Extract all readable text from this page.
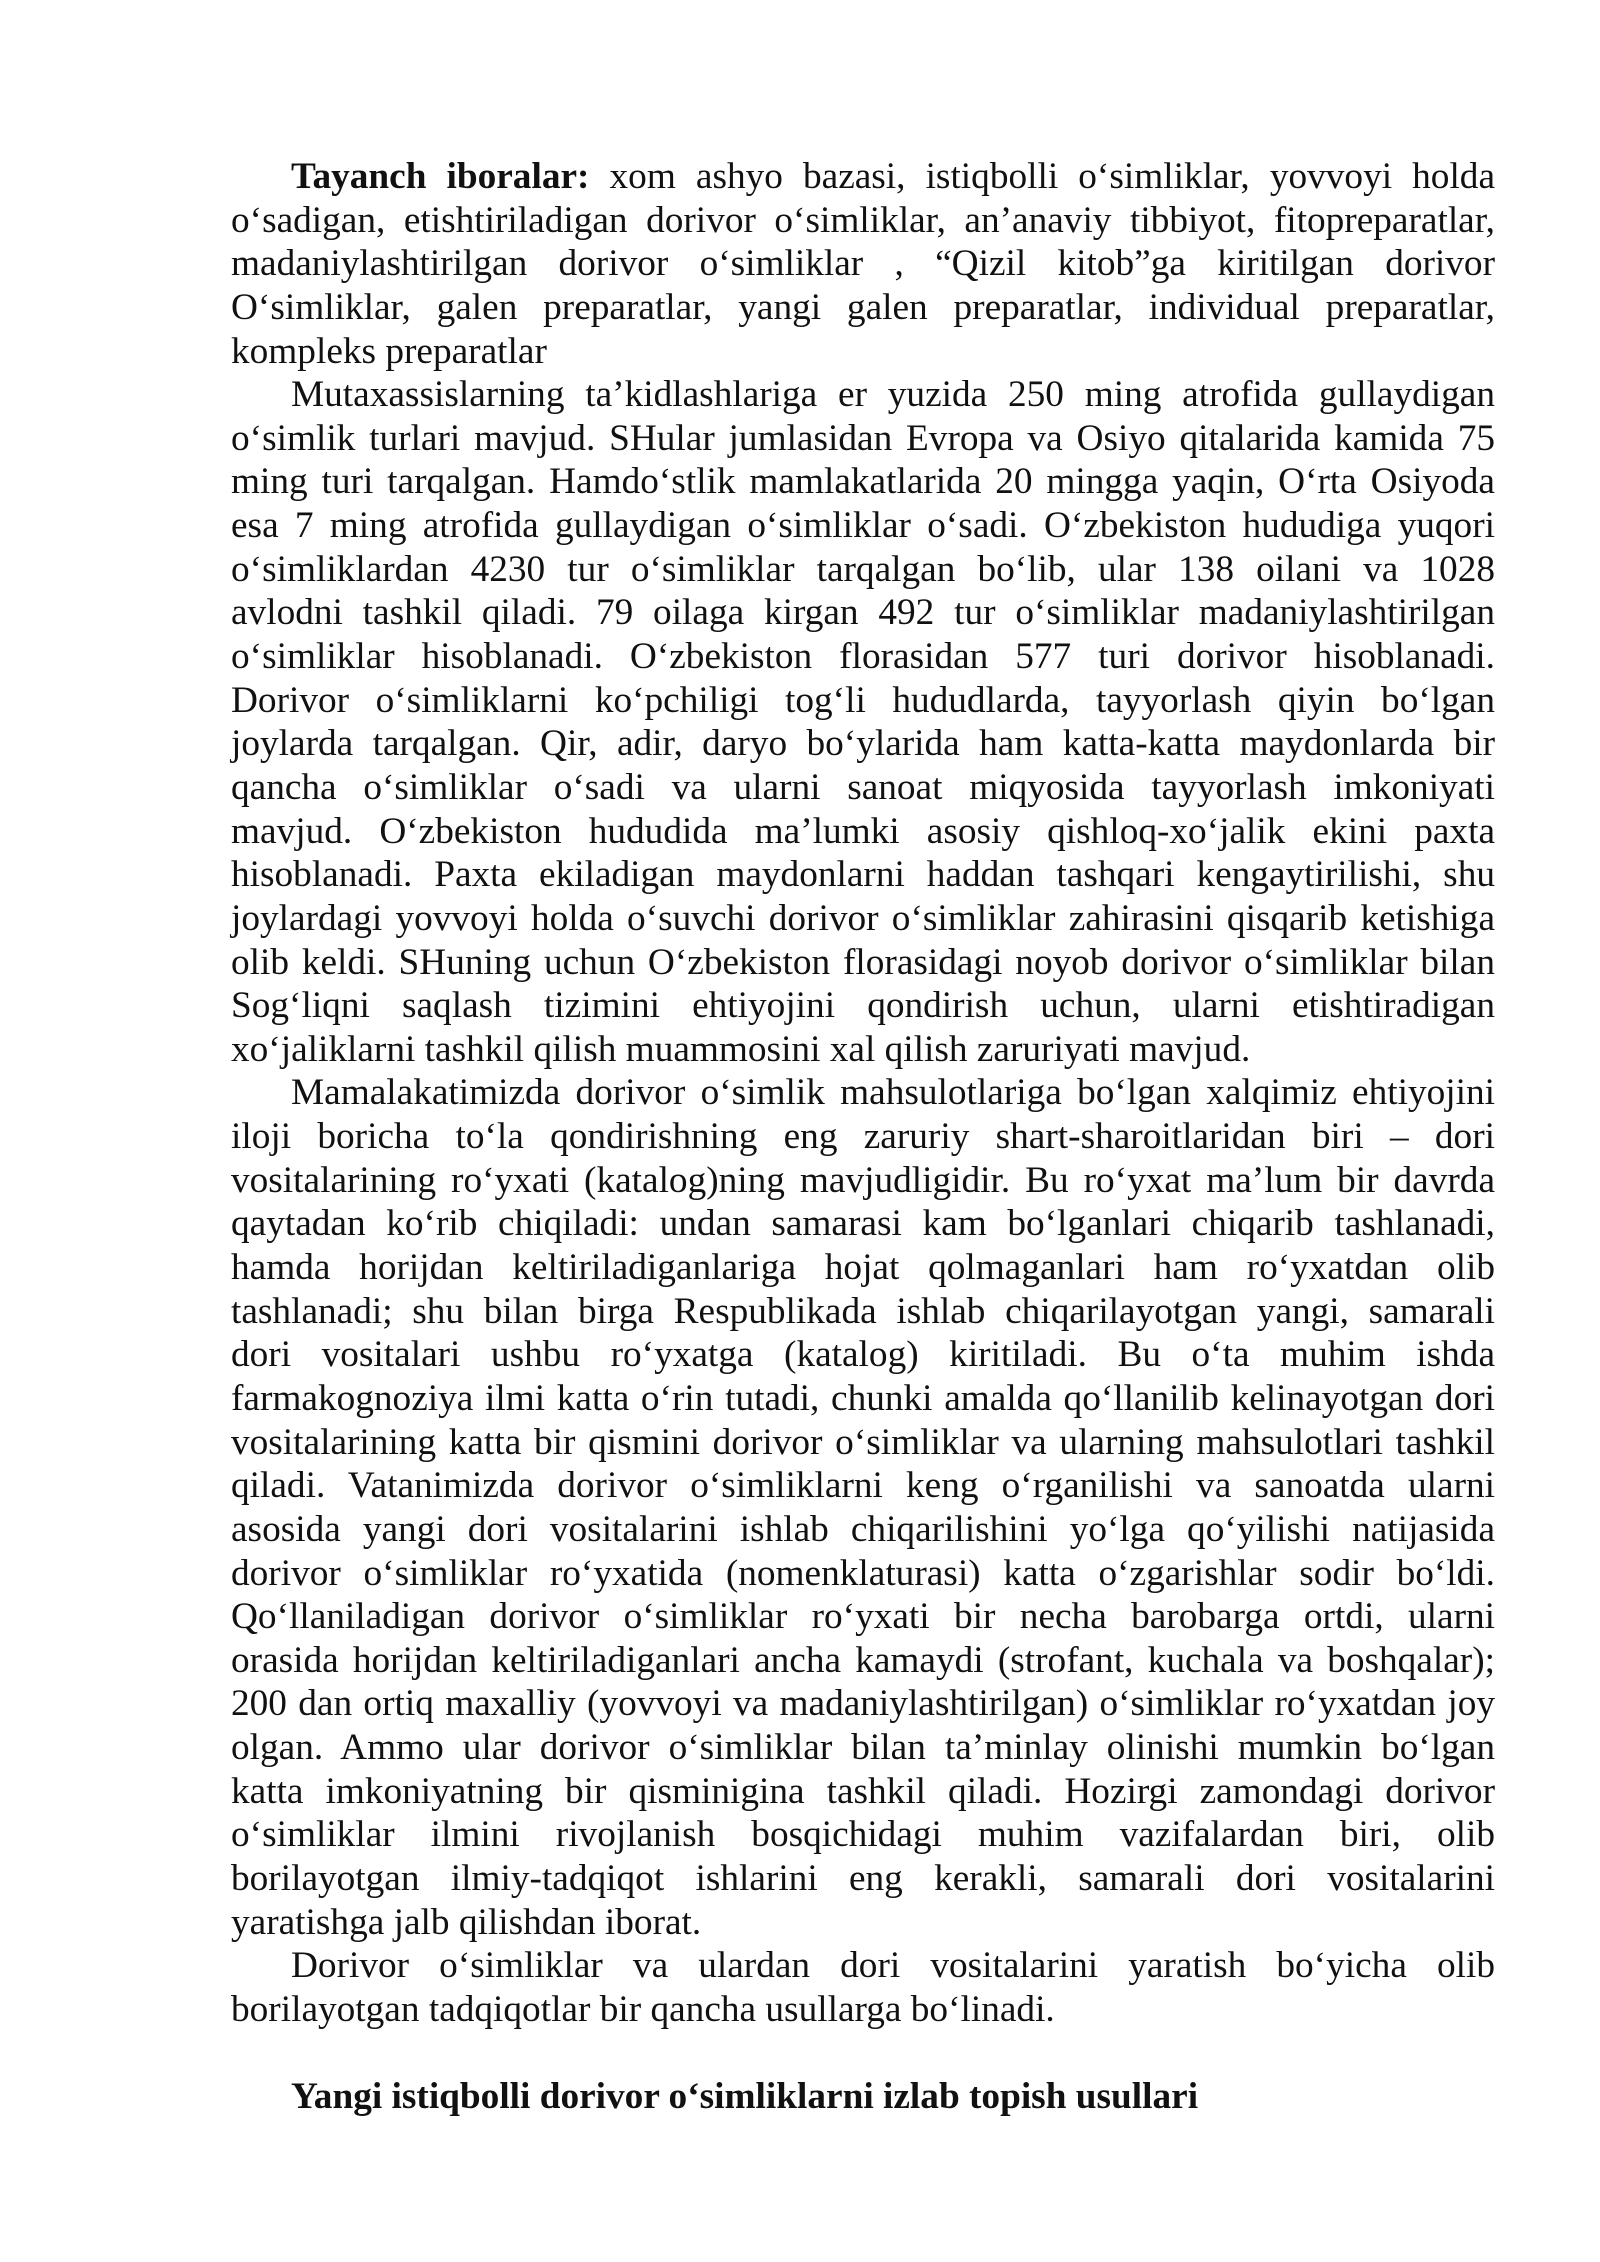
Tayanch iboralar: xom ashyo bazasi, istiqbolli o‘simliklar, yovvoyi holda
o‘sadigan, etishtiriladigan dorivor o‘simliklar, an’anaviy tibbiyot, fitopreparatlar,
madaniylashtirilgan dorivor o‘simliklar , “Qizil kitob”ga kiritilgan dorivor
O‘simliklar, galen preparatlar, yangi galen preparatlar, individual preparatlar,
kompleks preparatlar
Mutaxassislarning ta’kidlashlariga er yuzida 250 ming atrofida gullaydigan
o‘simlik turlari mavjud. SHular jumlasidan Evropa va Osiyo qitalarida kamida 75
ming turi tarqalgan. Hamdo‘stlik mamlakatlarida 20 mingga yaqin, O‘rta Osiyoda
esa 7 ming atrofida gullaydigan o‘simliklar o‘sadi. O‘zbekiston hududiga yuqori
o‘simliklardan 4230 tur o‘simliklar tarqalgan bo‘lib, ular 138 oilani va 1028
avlodni tashkil qiladi. 79 oilaga kirgan 492 tur o‘simliklar madaniylashtirilgan
o‘simliklar hisoblanadi. O‘zbekiston florasidan 577 turi dorivor hisoblanadi.
Dorivor o‘simliklarni ko‘pchiligi tog‘li hududlarda, tayyorlash qiyin bo‘lgan
joylarda tarqalgan. Qir, adir, daryo bo‘ylarida ham katta-katta maydonlarda bir
qancha o‘simliklar o‘sadi va ularni sanoat miqyosida tayyorlash imkoniyati
mavjud. O‘zbekiston hududida ma’lumki asosiy qishloq-xo‘jalik ekini paxta
hisoblanadi. Paxta ekiladigan maydonlarni haddan tashqari kengaytirilishi, shu
joylardagi yovvoyi holda o‘suvchi dorivor o‘simliklar zahirasini qisqarib ketishiga
olib keldi. SHuning uchun O‘zbekiston florasidagi noyob dorivor o‘simliklar bilan
Sog‘liqni saqlash tizimini ehtiyojini qondirish uchun, ularni etishtiradigan
xo‘jaliklarni tashkil qilish muammosini xal qilish zaruriyati mavjud.
Mamalakatimizda dorivor o‘simlik mahsulotlariga bo‘lgan xalqimiz ehtiyojini
iloji boricha to‘la qondirishning eng zaruriy shart-sharoitlaridan biri – dori
vositalarining ro‘yxati (katalog)ning mavjudligidir. Bu ro‘yxat ma’lum bir davrda
qaytadan ko‘rib chiqiladi: undan samarasi kam bo‘lganlari chiqarib tashlanadi,
hamda horijdan keltiriladiganlariga hojat qolmaganlari ham ro‘yxatdan olib
tashlanadi; shu bilan birga Respublikada ishlab chiqarilayotgan yangi, samarali
dori vositalari ushbu ro‘yxatga (katalog) kiritiladi. Bu o‘ta muhim ishda
farmakognoziya ilmi katta o‘rin tutadi, chunki amalda qo‘llanilib kelinayotgan dori
vositalarining katta bir qismini dorivor o‘simliklar va ularning mahsulotlari tashkil
qiladi. Vatanimizda dorivor o‘simliklarni keng o‘rganilishi va sanoatda ularni
asosida yangi dori vositalarini ishlab chiqarilishini yo‘lga qo‘yilishi natijasida
dorivor o‘simliklar ro‘yxatida (nomenklaturasi) katta o‘zgarishlar sodir bo‘ldi.
Qo‘llaniladigan dorivor o‘simliklar ro‘yxati bir necha barobarga ortdi, ularni
orasida horijdan keltiriladiganlari ancha kamaydi (strofant, kuchala va boshqalar);
200 dan ortiq maxalliy (yovvoyi va madaniylashtirilgan) o‘simliklar ro‘yxatdan joy
olgan. Ammo ular dorivor o‘simliklar bilan ta’minlay olinishi mumkin bo‘lgan
katta imkoniyatning bir qisminigina tashkil qiladi. Hozirgi zamondagi dorivor
o‘simliklar ilmini rivojlanish bosqichidagi muhim vazifalardan biri, olib
borilayotgan ilmiy-tadqiqot ishlarini eng kerakli, samarali dori vositalarini
yaratishga jalb qilishdan iborat.
Dorivor o‘simliklar va ulardan dori vositalarini yaratish bo‘yicha olib
borilayotgan tadqiqotlar bir qancha usullarga bo‘linadi.
Yangi istiqbolli dorivor o‘simliklarni izlab topish usullari
